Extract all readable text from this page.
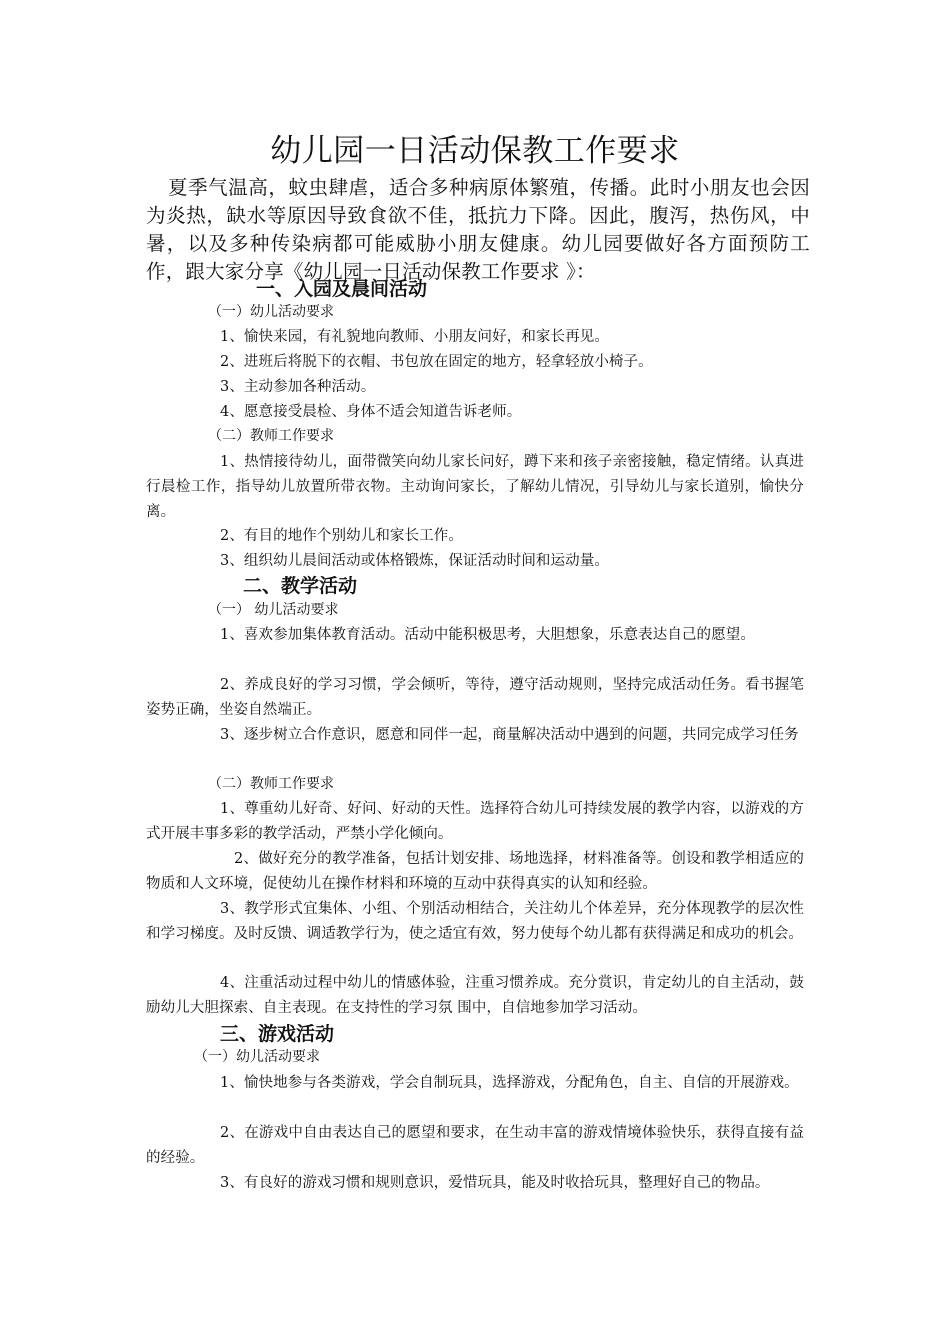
幼儿园一日活动保教工作要求
夏季气温高，蚊虫肆虐，适合多种病原体繁殖，传播。此时小朋友也会因为炎热，缺水等原因导致食欲不佳，抵抗力下降。因此，腹泻，热伤风，中暑，以及多种传染病都可能威胁小朋友健康。幼儿园要做好各方面预防工作，跟大家分享《幼儿园一日活动保教工作要求 》：
一、入园及晨间活动
（一）幼儿活动要求
1、愉快来园，有礼貌地向教师、小朋友问好，和家长再见。
2、进班后将脱下的衣帽、书包放在固定的地方，轻拿轻放小椅子。
3、主动参加各种活动。
4、愿意接受晨检、身体不适会知道告诉老师。
（二）教师工作要求
1、热情接待幼儿，面带微笑向幼儿家长问好，蹲下来和孩子亲密接触，稳定情绪。认真进行晨检工作，指导幼儿放置所带衣物。主动询问家长，了解幼儿情况，引导幼儿与家长道别，愉快分离。
2、有目的地作个别幼儿和家长工作。
3、组织幼儿晨间活动或体格锻炼，保证活动时间和运动量。
二、教学活动
（一） 幼儿活动要求
1、喜欢参加集体教育活动。活动中能积极思考，大胆想象，乐意表达自己的愿望。
2、养成良好的学习习惯，学会倾听，等待，遵守活动规则，坚持完成活动任务。看书握笔姿势正确，坐姿自然端正。
3、逐步树立合作意识，愿意和同伴一起，商量解决活动中遇到的问题，共同完成学习任务
（二）教师工作要求
1、尊重幼儿好奇、好问、好动的天性。选择符合幼儿可持续发展的教学内容，以游戏的方式开展丰事多彩的教学活动，严禁小学化倾向。
2、做好充分的教学准备，包括计划安排、场地选择，材料准备等。创设和教学相适应的物质和人文环境，促使幼儿在操作材料和环境的互动中获得真实的认知和经验。
3、教学形式宜集体、小组、个别活动相结合，关注幼儿个体差异，充分体现教学的层次性和学习梯度。及时反馈、调适教学行为，使之适宜有效，努力使每个幼儿都有获得满足和成功的机会。
4、注重活动过程中幼儿的情感体验，注重习惯养成。充分赏识，肯定幼儿的自主活动，鼓励幼儿大胆探索、自主表现。在支持性的学习氛 围中，自信地参加学习活动。
三、游戏活动
（一）幼儿活动要求
1、愉快地参与各类游戏，学会自制玩具，选择游戏，分配角色，自主、自信的开展游戏。
2、在游戏中自由表达自己的愿望和要求，在生动丰富的游戏情境体验快乐，获得直接有益的经验。
3、有良好的游戏习惯和规则意识，爱惜玩具，能及时收拾玩具，整理好自己的物品。
